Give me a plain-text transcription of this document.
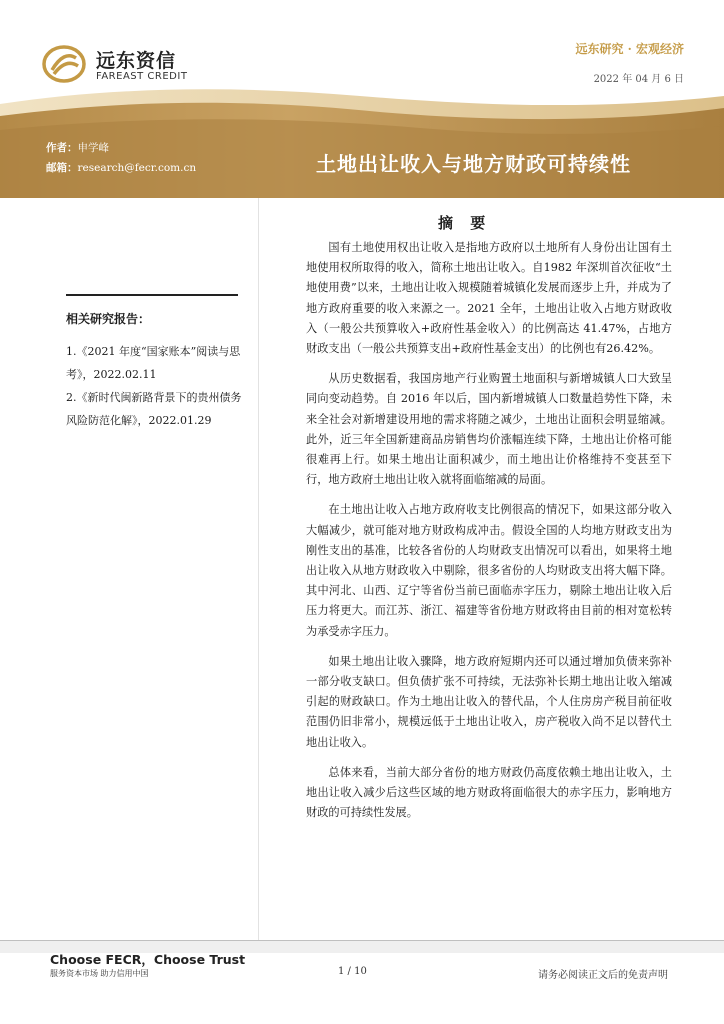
远东资信
FAREAST CREDIT
远东研究 · 宏观经济
2022 年 04 月 6 日
作者：申学峰
邮箱：research@fecr.com.cn	土地出让收入与地方财政可持续性
相关研究报告：
1.《2021 年度“国家账本”阅读与思考》，2022.02.11
2.《新时代闽新路背景下的贵州债务风险防范化解》，2022.01.29
摘 要

国有土地使用权出让收入是指地方政府以土地所有人身份出让国有土地使用权所取得的收入，简称土地出让收入。自1982 年深圳首次征收“土地使用费”以来，土地出让收入规模随着城镇化发展而逐步上升，并成为了地方政府重要的收入来源之一。2021 全年，土地出让收入占地方财政收入（一般公共预算收入+政府性基金收入）的比例高达 41.47%，占地方财政支出（一般公共预算支出+政府性基金支出）的比例也有26.42%。

从历史数据看，我国房地产行业购置土地面积与新增城镇人口大致呈同向变动趋势。自 2016 年以后，国内新增城镇人口数量趋势性下降，未来全社会对新增建设用地的需求将随之减少，土地出让面积会明显缩减。此外，近三年全国新建商品房销售均价涨幅连续下降，土地出让价格可能很难再上行。如果土地出让面积减少，而土地出让价格维持不变甚至下行，地方政府土地出让收入就将面临缩减的局面。

在土地出让收入占地方政府收支比例很高的情况下，如果这部分收入大幅减少，就可能对地方财政构成冲击。假设全国的人均地方财政支出为刚性支出的基准，比较各省份的人均财政支出情况可以看出，如果将土地出让收入从地方财政收入中剔除，很多省份的人均财政支出将大幅下降。其中河北、山西、辽宁等省份当前已面临赤字压力，剔除土地出让收入后压力将更大。而江苏、浙江、福建等省份地方财政将由目前的相对宽松转为承受赤字压力。

如果土地出让收入骤降，地方政府短期内还可以通过增加负债来弥补一部分收支缺口。但负债扩张不可持续，无法弥补长期土地出让收入缩减引起的财政缺口。作为土地出让收入的替代品，个人住房房产税目前征收范围仍旧非常小，规模远低于土地出让收入，房产税收入尚不足以替代土地出让收入。

总体来看，当前大部分省份的地方财政仍高度依赖土地出让收入，土地出让收入减少后这些区域的地方财政将面临很大的赤字压力，影响地方财政的可持续性发展。

Choose FECR，Choose Trust
服务资本市场 助力信用中国	1 / 10	请务必阅读正文后的免责声明
